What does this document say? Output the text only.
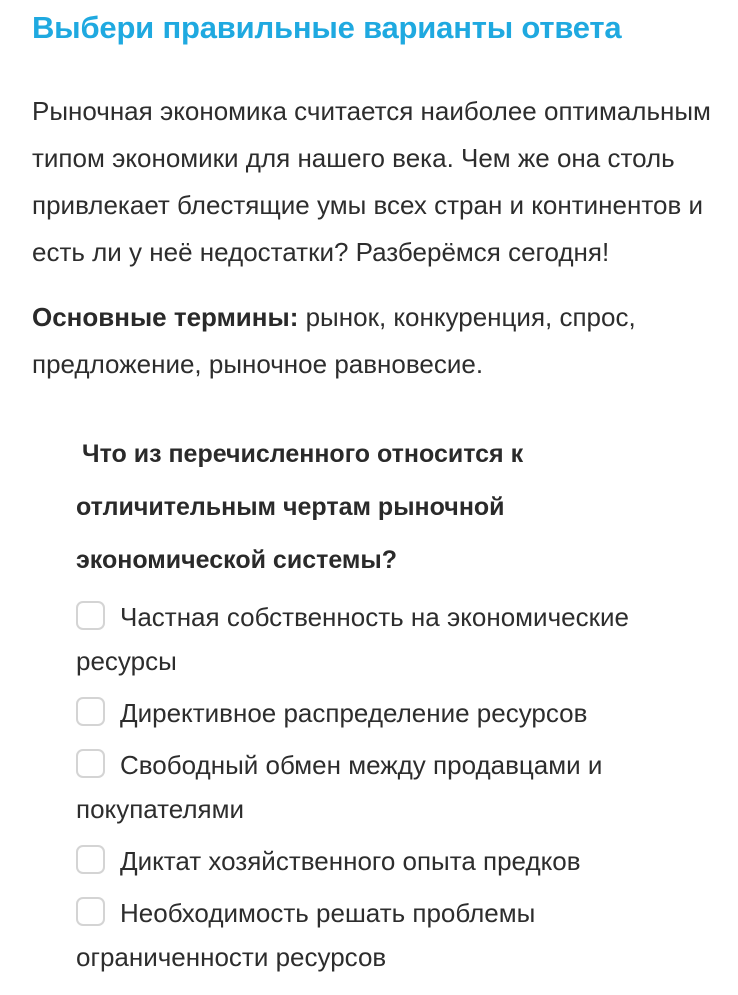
Выбери правильные варианты ответа

Рыночная экономика считается наиболее оптимальным типом экономики для нашего века. Чем же она столь привлекает блестящие умы всех стран и континентов и есть ли у неё недостатки? Разберёмся сегодня!

Основные термины: рынок, конкуренция, спрос, предложение, рыночное равновесие.

Что из перечисленного относится к отличительным чертам рыночной экономической системы?
Частная собственность на экономические ресурсы
Директивное распределение ресурсов
Свободный обмен между продавцами и покупателями
Диктат хозяйственного опыта предков
Необходимость решать проблемы ограниченности ресурсов
